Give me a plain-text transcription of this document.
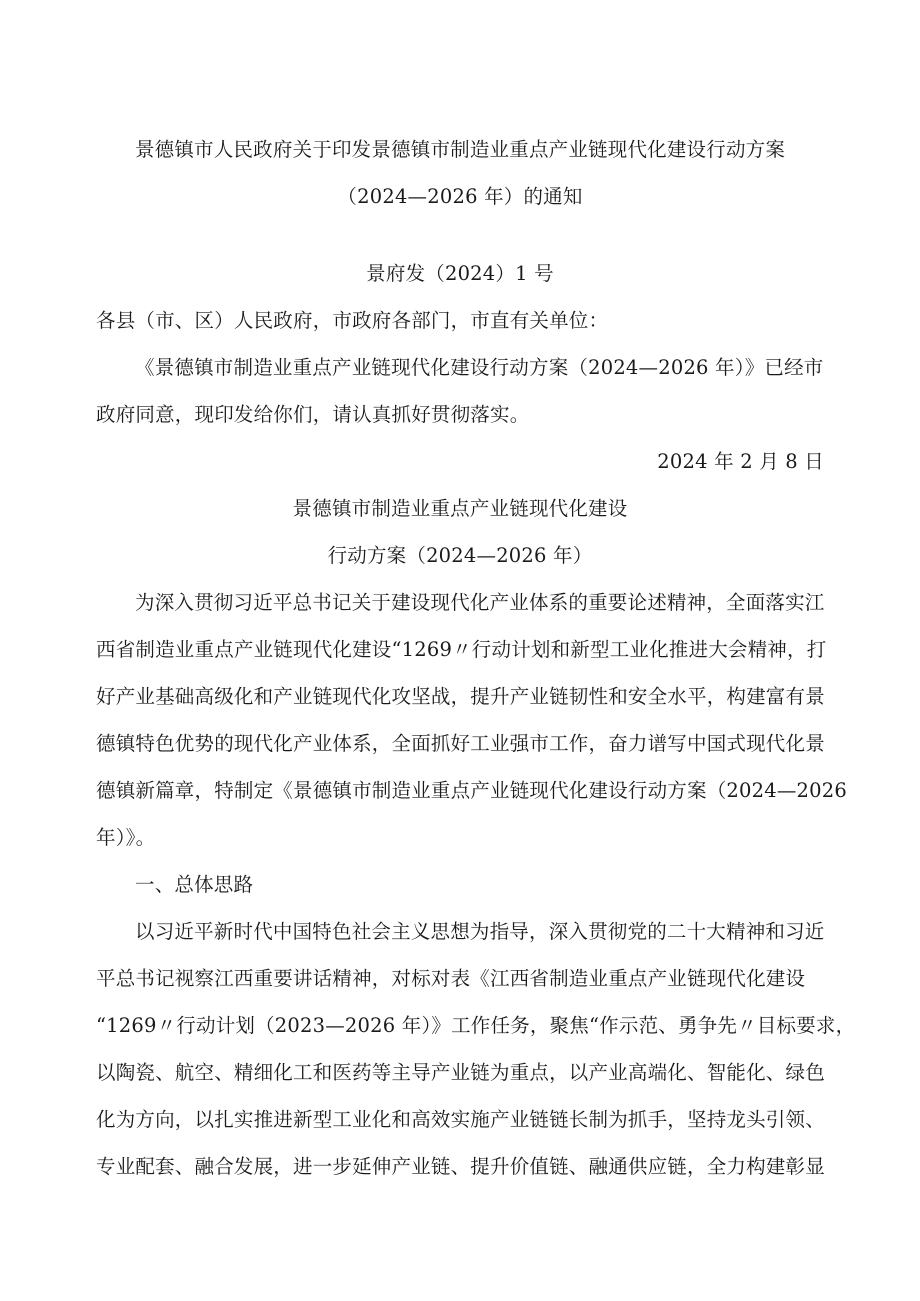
景德镇市人民政府关于印发景德镇市制造业重点产业链现代化建设行动方案
（2024—2026 年）的通知
景府发（2024）1 号
各县（市、区）人民政府，市政府各部门，市直有关单位：
《景德镇市制造业重点产业链现代化建设行动方案（2024—2026 年）》已经市
政府同意，现印发给你们，请认真抓好贯彻落实。
2024 年 2 月 8 日
景德镇市制造业重点产业链现代化建设
行动方案（2024—2026 年）
为深入贯彻习近平总书记关于建设现代化产业体系的重要论述精神，全面落实江
西省制造业重点产业链现代化建设“1269〃行动计划和新型工业化推进大会精神，打
好产业基础高级化和产业链现代化攻坚战，提升产业链韧性和安全水平，构建富有景
德镇特色优势的现代化产业体系，全面抓好工业强市工作，奋力谱写中国式现代化景
德镇新篇章，特制定《景德镇市制造业重点产业链现代化建设行动方案（2024—2026
年）》。
一、总体思路
以习近平新时代中国特色社会主义思想为指导，深入贯彻党的二十大精神和习近
平总书记视察江西重要讲话精神，对标对表《江西省制造业重点产业链现代化建设
“1269〃行动计划（2023—2026 年）》工作任务，聚焦“作示范、勇争先〃目标要求，
以陶瓷、航空、精细化工和医药等主导产业链为重点，以产业高端化、智能化、绿色
化为方向，以扎实推进新型工业化和高效实施产业链链长制为抓手，坚持龙头引领、
专业配套、融合发展，进一步延伸产业链、提升价值链、融通供应链，全力构建彰显
